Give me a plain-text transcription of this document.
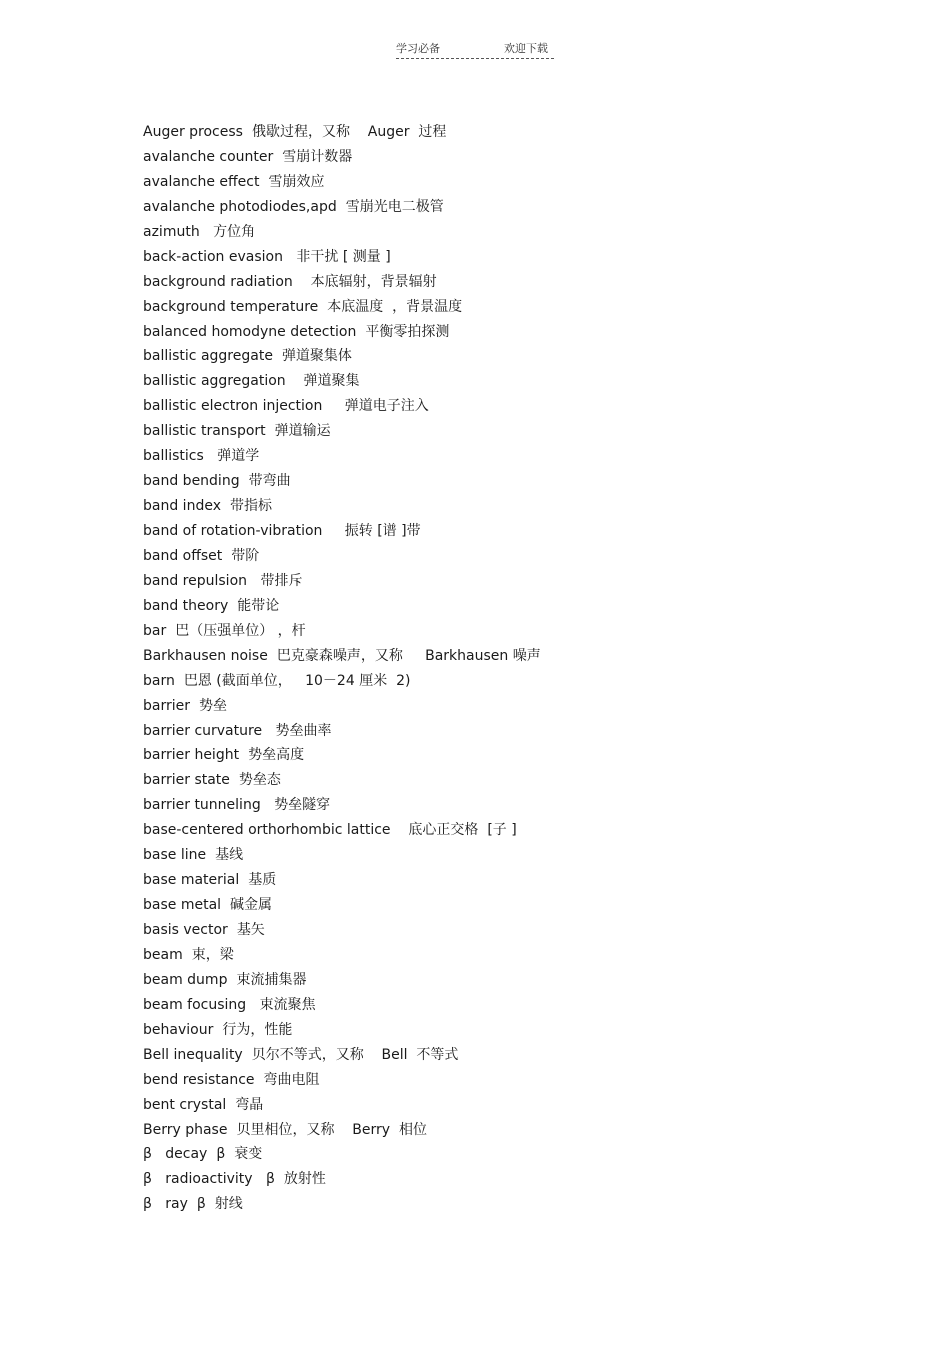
学习必备	欢迎下载
Auger process 俄歇过程，又称    Auger  过程
avalanche counter 雪崩计数器
avalanche effect 雪崩效应
avalanche photodiodes,apd 雪崩光电二极管
azimuth 方位角
back-action evasion 非干扰 [ 测量 ]
background radiation  本底辐射，背景辐射
background temperature 本底温度  ，背景温度
balanced homodyne detection 平衡零拍探测
ballistic aggregate 弹道聚集体
ballistic aggregation  弹道聚集
ballistic electron injection   弹道电子注入
ballistic transport 弹道输运
ballistics 弹道学
band bending 带弯曲
band index 带指标
band of rotation-vibration   振转 [谱 ]带
band offset 带阶
band repulsion 带排斥
band theory 能带论
bar 巴（压强单位） ，杆
Barkhausen noise 巴克豪森噪声，又称     Barkhausen 噪声
barn 巴恩 (截面单位，   10－24 厘米  2)
barrier 势垒
barrier curvature 势垒曲率
barrier height 势垒高度
barrier state 势垒态
barrier tunneling 势垒隧穿
base-centered orthorhombic lattice  底心正交格  [子 ]
base line 基线
base material 基质
base metal 碱金属
basis vector 基矢
beam 束，梁
beam dump 束流捕集器
beam focusing 束流聚焦
behaviour 行为，性能
Bell inequality 贝尔不等式，又称    Bell  不等式
bend resistance 弯曲电阻
bent crystal 弯晶
Berry phase 贝里相位，又称    Berry  相位
β   decay β  衰变
β   radioactivity β  放射性
β   ray β  射线
